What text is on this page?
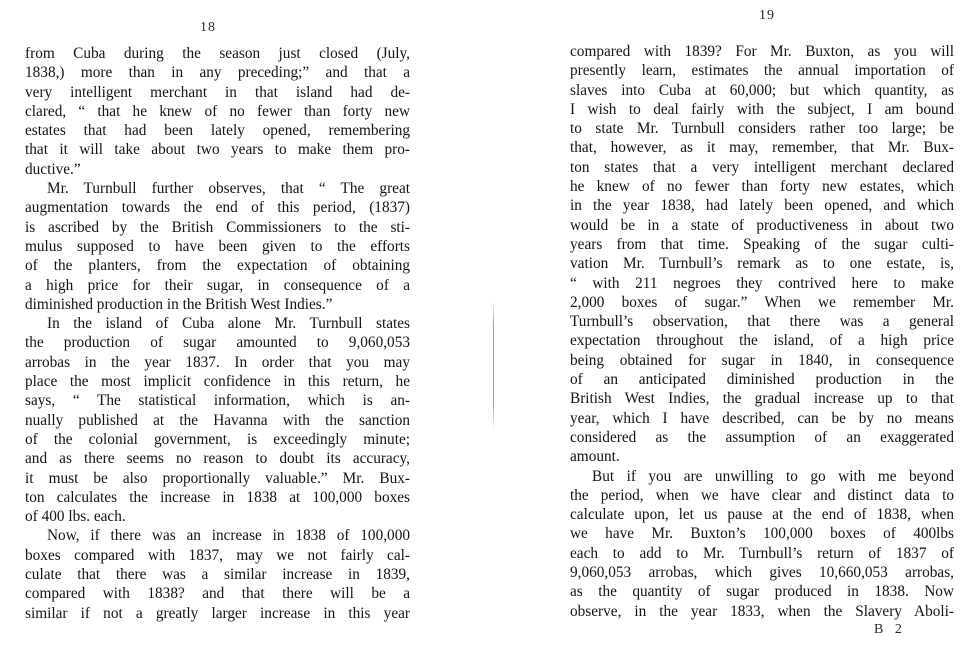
18
from Cuba during the season just closed (July,
1838,) more than in any preceding;” and that a
very intelligent merchant in that island had de-
clared, “ that he knew of no fewer than forty new
estates that had been lately opened, remembering
that it will take about two years to make them pro-
ductive.”
Mr. Turnbull further observes, that “ The great
augmentation towards the end of this period, (1837)
is ascribed by the British Commissioners to the sti-
mulus supposed to have been given to the efforts
of the planters, from the expectation of obtaining
a high price for their sugar, in consequence of a
diminished production in the British West Indies.”
In the island of Cuba alone Mr. Turnbull states
the production of sugar amounted to 9,060,053
arrobas in the year 1837. In order that you may
place the most implicit confidence in this return, he
says, “ The statistical information, which is an-
nually published at the Havanna with the sanction
of the colonial government, is exceedingly minute;
and as there seems no reason to doubt its accuracy,
it must be also proportionally valuable.” Mr. Bux-
ton calculates the increase in 1838 at 100,000 boxes
of 400 lbs. each.
Now, if there was an increase in 1838 of 100,000
boxes compared with 1837, may we not fairly cal-
culate that there was a similar increase in 1839,
compared with 1838? and that there will be a
similar if not a greatly larger increase in this year
19
compared with 1839? For Mr. Buxton, as you will
presently learn, estimates the annual importation of
slaves into Cuba at 60,000; but which quantity, as
I wish to deal fairly with the subject, I am bound
to state Mr. Turnbull considers rather too large; be
that, however, as it may, remember, that Mr. Bux-
ton states that a very intelligent merchant declared
he knew of no fewer than forty new estates, which
in the year 1838, had lately been opened, and which
would be in a state of productiveness in about two
years from that time. Speaking of the sugar culti-
vation Mr. Turnbull’s remark as to one estate, is,
“ with 211 negroes they contrived here to make
2,000 boxes of sugar.” When we remember Mr.
Turnbull’s observation, that there was a general
expectation throughout the island, of a high price
being obtained for sugar in 1840, in consequence
of an anticipated diminished production in the
British West Indies, the gradual increase up to that
year, which I have described, can be by no means
considered as the assumption of an exaggerated
amount.
But if you are unwilling to go with me beyond
the period, when we have clear and distinct data to
calculate upon, let us pause at the end of 1838, when
we have Mr. Buxton’s 100,000 boxes of 400lbs
each to add to Mr. Turnbull’s return of 1837 of
9,060,053 arrobas, which gives 10,660,053 arrobas,
as the quantity of sugar produced in 1838. Now
observe, in the year 1833, when the Slavery Aboli-
B 2
